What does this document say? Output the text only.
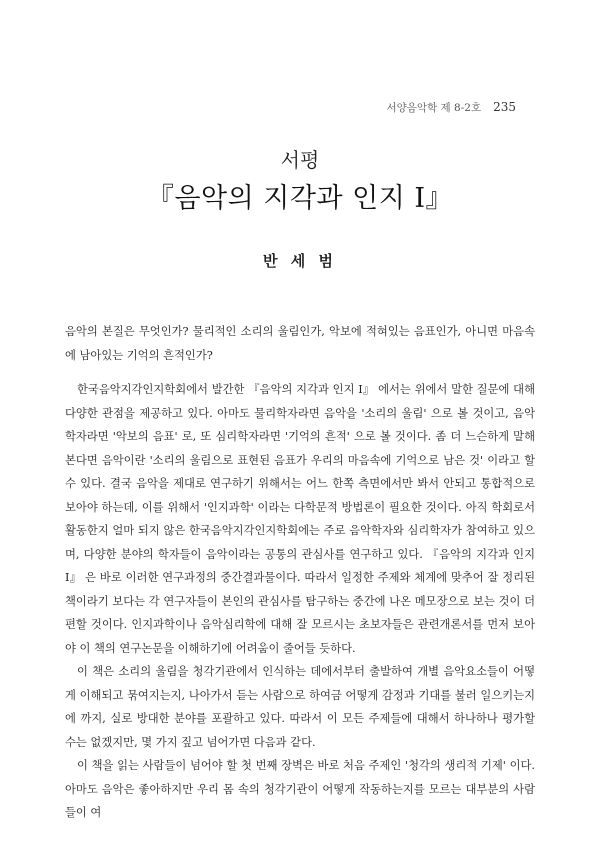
서양음악학 제 8-2호 235
서평
『음악의 지각과 인지 I』
반 세 범

음악의 본질은 무엇인가? 물리적인 소리의 울림인가, 악보에 적혀있는 음표인가, 아니면 마음속에 남아있는 기억의 흔적인가?

한국음악지각인지학회에서 발간한 『음악의 지각과 인지 I』 에서는 위에서 말한 질문에 대해 다양한 관점을 제공하고 있다. 아마도 물리학자라면 음악을 '소리의 울림' 으로 볼 것이고, 음악학자라면 '악보의 음표' 로, 또 심리학자라면 '기억의 흔적' 으로 볼 것이다. 좀 더 느슨하게 말해본다면 음악이란 '소리의 울림으로 표현된 음표가 우리의 마음속에 기억으로 남은 것' 이라고 할 수 있다. 결국 음악을 제대로 연구하기 위해서는 어느 한쪽 측면에서만 봐서 안되고 통합적으로 보아야 하는데, 이를 위해서 '인지과학' 이라는 다학문적 방법론이 필요한 것이다. 아직 학회로서 활동한지 얼마 되지 않은 한국음악지각인지학회에는 주로 음악학자와 심리학자가 참여하고 있으며, 다양한 분야의 학자들이 음악이라는 공통의 관심사를 연구하고 있다. 『음악의 지각과 인지 I』 은 바로 이러한 연구과정의 중간결과물이다. 따라서 일정한 주제와 체계에 맞추어 잘 정리된 책이라기 보다는 각 연구자들이 본인의 관심사를 탐구하는 중간에 나온 메모장으로 보는 것이 더 편할 것이다. 인지과학이나 음악심리학에 대해 잘 모르시는 초보자들은 관련개론서를 먼저 보아야 이 책의 연구논문을 이해하기에 어려움이 줄어들 듯하다.

이 책은 소리의 울림을 청각기관에서 인식하는 데에서부터 출발하여 개별 음악요소들이 어떻게 이해되고 묶여지는지, 나아가서 듣는 사람으로 하여금 어떻게 감정과 기대를 불러 일으키는지에 까지, 실로 방대한 분야를 포괄하고 있다. 따라서 이 모든 주제들에 대해서 하나하나 평가할 수는 없겠지만, 몇 가지 짚고 넘어가면 다음과 같다.

이 책을 읽는 사람들이 넘어야 할 첫 번째 장벽은 바로 처음 주제인 '청각의 생리적 기제' 이다. 아마도 음악은 좋아하지만 우리 몸 속의 청각기관이 어떻게 작동하는지를 모르는 대부분의 사람들이 여
